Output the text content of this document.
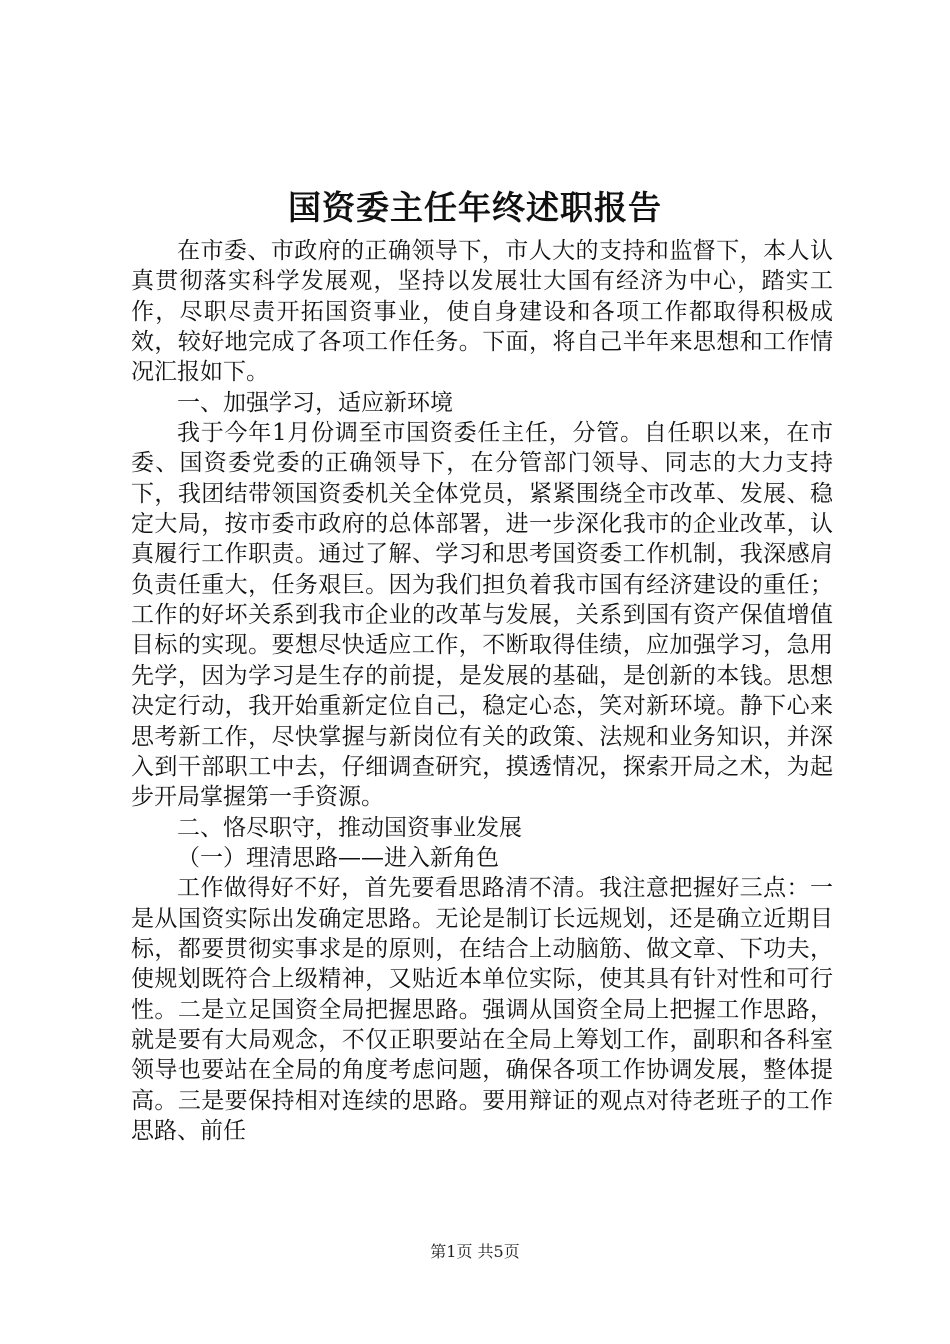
国资委主任年终述职报告

在市委、市政府的正确领导下，市人大的支持和监督下，本人认真贯彻落实科学发展观，坚持以发展壮大国有经济为中心，踏实工作，尽职尽责开拓国资事业，使自身建设和各项工作都取得积极成效，较好地完成了各项工作任务。下面，将自己半年来思想和工作情况汇报如下。

一、加强学习，适应新环境

我于今年1月份调至市国资委任主任，分管。自任职以来，在市委、国资委党委的正确领导下，在分管部门领导、同志的大力支持下，我团结带领国资委机关全体党员，紧紧围绕全市改革、发展、稳定大局，按市委市政府的总体部署，进一步深化我市的企业改革，认真履行工作职责。通过了解、学习和思考国资委工作机制，我深感肩负责任重大，任务艰巨。因为我们担负着我市国有经济建设的重任；工作的好坏关系到我市企业的改革与发展，关系到国有资产保值增值目标的实现。要想尽快适应工作，不断取得佳绩，应加强学习，急用先学，因为学习是生存的前提，是发展的基础，是创新的本钱。思想决定行动，我开始重新定位自己，稳定心态，笑对新环境。静下心来思考新工作，尽快掌握与新岗位有关的政策、法规和业务知识，并深入到干部职工中去，仔细调查研究，摸透情况，探索开局之术，为起步开局掌握第一手资源。

二、恪尽职守，推动国资事业发展

（一）理清思路——进入新角色

工作做得好不好，首先要看思路清不清。我注意把握好三点：一是从国资实际出发确定思路。无论是制订长远规划，还是确立近期目标，都要贯彻实事求是的原则，在结合上动脑筋、做文章、下功夫，使规划既符合上级精神，又贴近本单位实际，使其具有针对性和可行性。二是立足国资全局把握思路。强调从国资全局上把握工作思路，就是要有大局观念，不仅正职要站在全局上筹划工作，副职和各科室领导也要站在全局的角度考虑问题，确保各项工作协调发展，整体提高。三是要保持相对连续的思路。要用辩证的观点对待老班子的工作思路、前任

第1页 共5页
